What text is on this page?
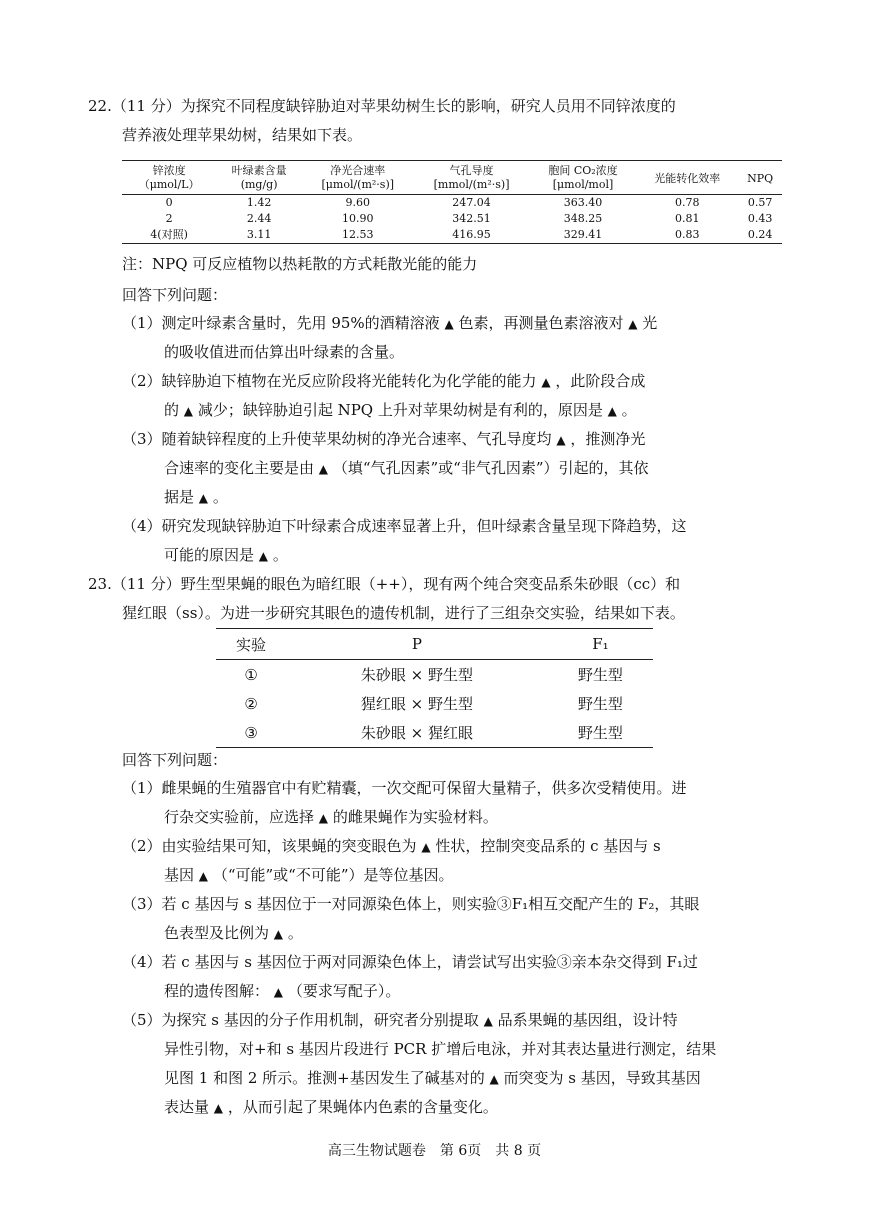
22.（11 分）为探究不同程度缺锌胁迫对苹果幼树生长的影响，研究人员用不同锌浓度的
营养液处理苹果幼树，结果如下表。
锌浓度	叶绿素含量	净光合速率	气孔导度	胞间 CO₂浓度	光能转化效率	NPQ
（μmol/L）	(mg/g)	[μmol/(m²·s)]	[mmol/(m²·s)]	[μmol/mol]		
0	1.42	9.60	247.04	363.40	0.78	0.57
2	2.44	10.90	342.51	348.25	0.81	0.43
4(对照)	3.11	12.53	416.95	329.41	0.83	0.24
注：NPQ 可反应植物以热耗散的方式耗散光能的能力
回答下列问题：
（1）测定叶绿素含量时，先用 95%的酒精溶液 ▲ 色素，再测量色素溶液对 ▲ 光
的吸收值进而估算出叶绿素的含量。
（2）缺锌胁迫下植物在光反应阶段将光能转化为化学能的能力 ▲ ，此阶段合成
的 ▲ 减少；缺锌胁迫引起 NPQ 上升对苹果幼树是有利的，原因是 ▲ 。
（3）随着缺锌程度的上升使苹果幼树的净光合速率、气孔导度均 ▲ ，推测净光
合速率的变化主要是由 ▲ （填“气孔因素”或“非气孔因素”）引起的，其依
据是 ▲ 。
（4）研究发现缺锌胁迫下叶绿素合成速率显著上升，但叶绿素含量呈现下降趋势，这
可能的原因是 ▲ 。
23.（11 分）野生型果蝇的眼色为暗红眼（++），现有两个纯合突变品系朱砂眼（cc）和
猩红眼（ss）。为进一步研究其眼色的遗传机制，进行了三组杂交实验，结果如下表。
实验	P	F₁
①	朱砂眼 × 野生型	野生型
②	猩红眼 × 野生型	野生型
③	朱砂眼 × 猩红眼	野生型
回答下列问题：
（1）雌果蝇的生殖器官中有贮精囊，一次交配可保留大量精子，供多次受精使用。进
行杂交实验前，应选择 ▲ 的雌果蝇作为实验材料。
（2）由实验结果可知，该果蝇的突变眼色为 ▲ 性状，控制突变品系的 c 基因与 s
基因 ▲ （“可能”或“不可能”）是等位基因。
（3）若 c 基因与 s 基因位于一对同源染色体上，则实验③F₁相互交配产生的 F₂，其眼
色表型及比例为 ▲ 。
（4）若 c 基因与 s 基因位于两对同源染色体上，请尝试写出实验③亲本杂交得到 F₁过
程的遗传图解： ▲ （要求写配子）。
（5）为探究 s 基因的分子作用机制，研究者分别提取 ▲ 品系果蝇的基因组，设计特
异性引物，对+和 s 基因片段进行 PCR 扩增后电泳，并对其表达量进行测定，结果
见图 1 和图 2 所示。推测+基因发生了碱基对的 ▲ 而突变为 s 基因，导致其基因
表达量 ▲ ，从而引起了果蝇体内色素的含量变化。
高三生物试题卷　第 6页　共 8 页
